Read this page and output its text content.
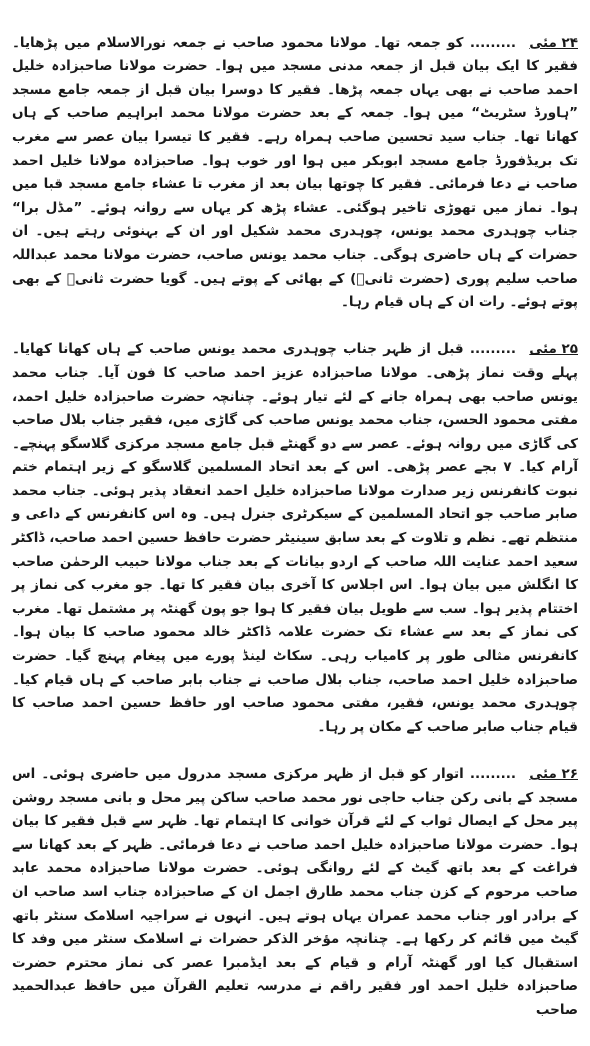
۲۴ مئی......... کو جمعہ تھا۔ مولانا محمود صاحب نے جمعہ نورالاسلام میں پڑھایا۔ فقیر کا ایک بیان قبل از جمعہ مدنی مسجد میں ہوا۔ حضرت مولانا صاحبزادہ خلیل احمد صاحب نے بھی یہاں جمعہ پڑھا۔ فقیر کا دوسرا بیان قبل از جمعہ جامع مسجد ”ہاورڈ سٹریٹ“ میں ہوا۔ جمعہ کے بعد حضرت مولانا محمد ابراہیم صاحب کے ہاں کھانا تھا۔ جناب سید تحسین صاحب ہمراہ رہے۔ فقیر کا تیسرا بیان عصر سے مغرب تک بریڈفورڈ جامع مسجد ابوبکر میں ہوا اور خوب ہوا۔ صاحبزادہ مولانا خلیل احمد صاحب نے دعا فرمائی۔ فقیر کا چوتھا بیان بعد از مغرب تا عشاء جامع مسجد قبا میں ہوا۔ نماز میں تھوڑی تاخیر ہوگئی۔ عشاء پڑھ کر یہاں سے روانہ ہوئے۔ ”مڈل برا“ جناب چوہدری محمد یونس، چوہدری محمد شکیل اور ان کے بہنوئی رہتے ہیں۔ ان حضرات کے ہاں حاضری ہوگی۔ جناب محمد یونس صاحب، حضرت مولانا محمد عبداللہ صاحب سلیم پوری (حضرت ثانیؒ) کے بھائی کے پوتے ہیں۔ گویا حضرت ثانیؒ کے بھی پوتے ہوئے۔ رات ان کے ہاں قیام رہا۔

۲۵ مئی......... قبل از ظہر جناب چوہدری محمد یونس صاحب کے ہاں کھانا کھایا۔ پہلے وقت نماز پڑھی۔ مولانا صاحبزادہ عزیز احمد صاحب کا فون آیا۔ جناب محمد یونس صاحب بھی ہمراہ جانے کے لئے تیار ہوئے۔ چنانچہ حضرت صاحبزادہ خلیل احمد، مفتی محمود الحسن، جناب محمد یونس صاحب کی گاڑی میں، فقیر جناب بلال صاحب کی گاڑی میں روانہ ہوئے۔ عصر سے دو گھنٹے قبل جامع مسجد مرکزی گلاسگو پہنچے۔ آرام کیا۔ ۷ بجے عصر پڑھی۔ اس کے بعد اتحاد المسلمین گلاسگو کے زیر اہتمام ختم نبوت کانفرنس زیر صدارت مولانا صاحبزادہ خلیل احمد انعقاد پذیر ہوئی۔ جناب محمد صابر صاحب جو اتحاد المسلمین کے سیکرٹری جنرل ہیں۔ وہ اس کانفرنس کے داعی و منتظم تھے۔ نظم و تلاوت کے بعد سابق سینیٹر حضرت حافظ حسین احمد صاحب، ڈاکٹر سعید احمد عنایت اللہ صاحب کے اردو بیانات کے بعد جناب مولانا حبیب الرحمٰن صاحب کا انگلش میں بیان ہوا۔ اس اجلاس کا آخری بیان فقیر کا تھا۔ جو مغرب کی نماز پر اختتام پذیر ہوا۔ سب سے طویل بیان فقیر کا ہوا جو پون گھنٹہ پر مشتمل تھا۔ مغرب کی نماز کے بعد سے عشاء تک حضرت علامہ ڈاکٹر خالد محمود صاحب کا بیان ہوا۔ کانفرنس مثالی طور پر کامیاب رہی۔ سکاٹ لینڈ پورے میں پیغام پہنچ گیا۔ حضرت صاحبزادہ خلیل احمد صاحب، جناب بلال صاحب نے جناب بابر صاحب کے ہاں قیام کیا۔ چوہدری محمد یونس، فقیر، مفتی محمود صاحب اور حافظ حسین احمد صاحب کا قیام جناب صابر صاحب کے مکان پر رہا۔

۲۶ مئی......... اتوار کو قبل از ظہر مرکزی مسجد مدرول میں حاضری ہوئی۔ اس مسجد کے بانی رکن جناب حاجی نور محمد صاحب ساکن پیر محل و بانی مسجد روشن پیر محل کے ایصال ثواب کے لئے قرآن خوانی کا اہتمام تھا۔ ظہر سے قبل فقیر کا بیان ہوا۔ حضرت مولانا صاحبزادہ خلیل احمد صاحب نے دعا فرمائی۔ ظہر کے بعد کھانا سے فراغت کے بعد باتھ گیٹ کے لئے روانگی ہوئی۔ حضرت مولانا صاحبزادہ محمد عابد صاحب مرحوم کے کزن جناب محمد طارق اجمل ان کے صاحبزادہ جناب اسد صاحب ان کے برادر اور جناب محمد عمران یہاں ہوتے ہیں۔ انہوں نے سراجیہ اسلامک سنٹر باتھ گیٹ میں قائم کر رکھا ہے۔ چنانچہ مؤخر الذکر حضرات نے اسلامک سنٹر میں وفد کا استقبال کیا اور گھنٹہ آرام و قیام کے بعد ایڈمبرا عصر کی نماز محترم حضرت صاحبزادہ خلیل احمد اور فقیر راقم نے مدرسہ تعلیم القرآن میں حافظ عبدالحمید صاحب
